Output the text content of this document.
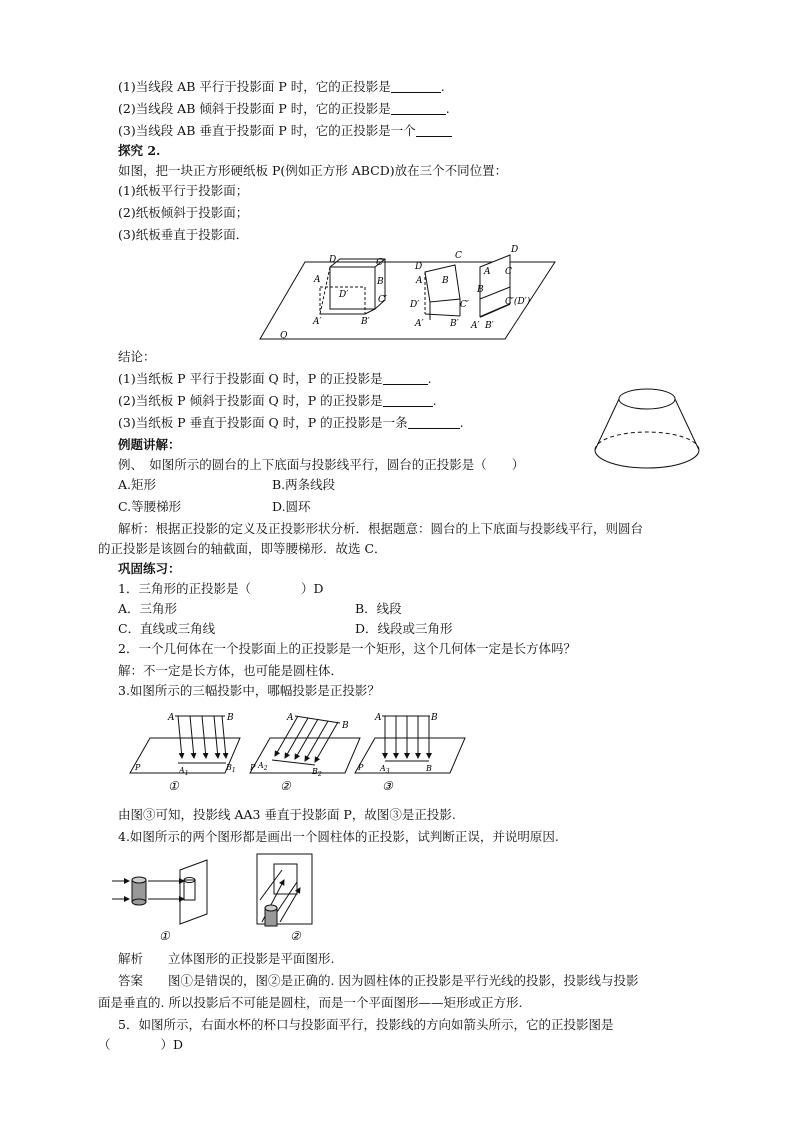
(1)当线段 AB 平行于投影面 P 时，它的正投影是	.
(2)当线段 AB 倾斜于投影面 P 时，它的正投影是	.
(3)当线段 AB 垂直于投影面 P 时，它的正投影是一个
探究 2.
如图，把一块正方形硬纸板 P(例如正方形 ABCD)放在三个不同位置：
(1)纸板平行于投影面；
(2)纸板倾斜于投影面；
(3)纸板垂直于投影面．
D	C
A	B
D′	C′
A′	B′
D
C
A B
D′	C′
A′	B′
D
C
A
B
C′(D′)
A′ B′
Q
结论：
(1)当纸板 P 平行于投影面 Q 时，P 的正投影是	.
(2)当纸板 P 倾斜于投影面 Q 时，P 的正投影是	.
(3)当纸板 P 垂直于投影面 Q 时，P 的正投影是一条	.
例题讲解：
例、　如图所示的圆台的上下底面与投影线平行，圆台的正投影是（　　）
A.矩形	B.两条线段
C.等腰梯形	D.圆环
解析：根据正投影的定义及正投影形状分析．根据题意：圆台的上下底面与投影线平行，则圆台
的正投影是该圆台的轴截面，即等腰梯形．故选 C．
巩固练习：
1．三角形的正投影是（　　　　）D
A．三角形	B．线段
C．直线或三角线	D．线段或三角形
2．一个几何体在一个投影面上的正投影是一个矩形，这个几何体一定是长方体吗？
解：不一定是长方体，也可能是圆柱体．
3.如图所示的三幅投影中，哪幅投影是正投影？
A	B
$A_1$
$B_1$
P
①
A
B
$A_2$	$B_2$
P
②
A	B
$A_3$	B
P
③
由图③可知，投影线 AA3 垂直于投影面 P，故图③是正投影.
4.如图所示的两个图形都是画出一个圆柱体的正投影，试判断正误，并说明原因.
①	②
解析　　立体图形的正投影是平面图形.
答案　　图①是错误的，图②是正确的. 因为圆柱体的正投影是平行光线的投影，投影线与投影
面是垂直的. 所以投影后不可能是圆柱，而是一个平面图形——矩形或正方形.
5．如图所示，右面水杯的杯口与投影面平行，投影线的方向如箭头所示，它的正投影图是
（　　　　）D
